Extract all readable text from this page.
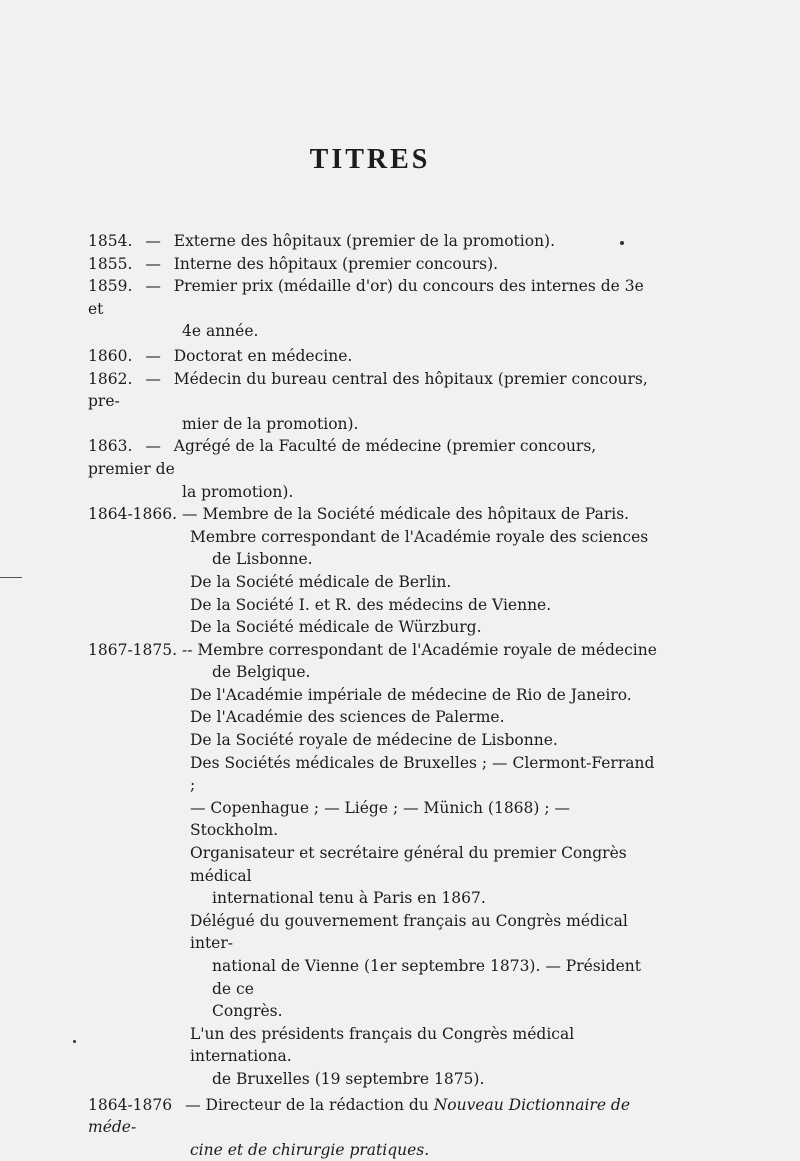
TITRES
1854. — Externe des hôpitaux (premier de la promotion).
1855. — Interne des hôpitaux (premier concours).
1859. — Premier prix (médaille d'or) du concours des internes de 3e et
4e année.
1860. — Doctorat en médecine.
1862. — Médecin du bureau central des hôpitaux (premier concours, pre-
mier de la promotion).
1863. — Agrégé de la Faculté de médecine (premier concours, premier de
la promotion).
1864-1866. — Membre de la Société médicale des hôpitaux de Paris.
Membre correspondant de l'Académie royale des sciences
de Lisbonne.
De la Société médicale de Berlin.
De la Société I. et R. des médecins de Vienne.
De la Société médicale de Würzburg.
1867-1875. -- Membre correspondant de l'Académie royale de médecine
de Belgique.
De l'Académie impériale de médecine de Rio de Janeiro.
De l'Académie des sciences de Palerme.
De la Société royale de médecine de Lisbonne.
Des Sociétés médicales de Bruxelles ; — Clermont-Ferrand ;
— Copenhague ; — Liége ; — Münich (1868) ; — Stockholm.
Organisateur et secrétaire général du premier Congrès médical
international tenu à Paris en 1867.
Délégué du gouvernement français au Congrès médical inter-
national de Vienne (1er septembre 1873). — Président de ce
Congrès.
L'un des présidents français du Congrès médical internationa.
de Bruxelles (19 septembre 1875).
1864-1876 — Directeur de la rédaction du Nouveau Dictionnaire de méde-
cine et de chirurgie pratiques.
